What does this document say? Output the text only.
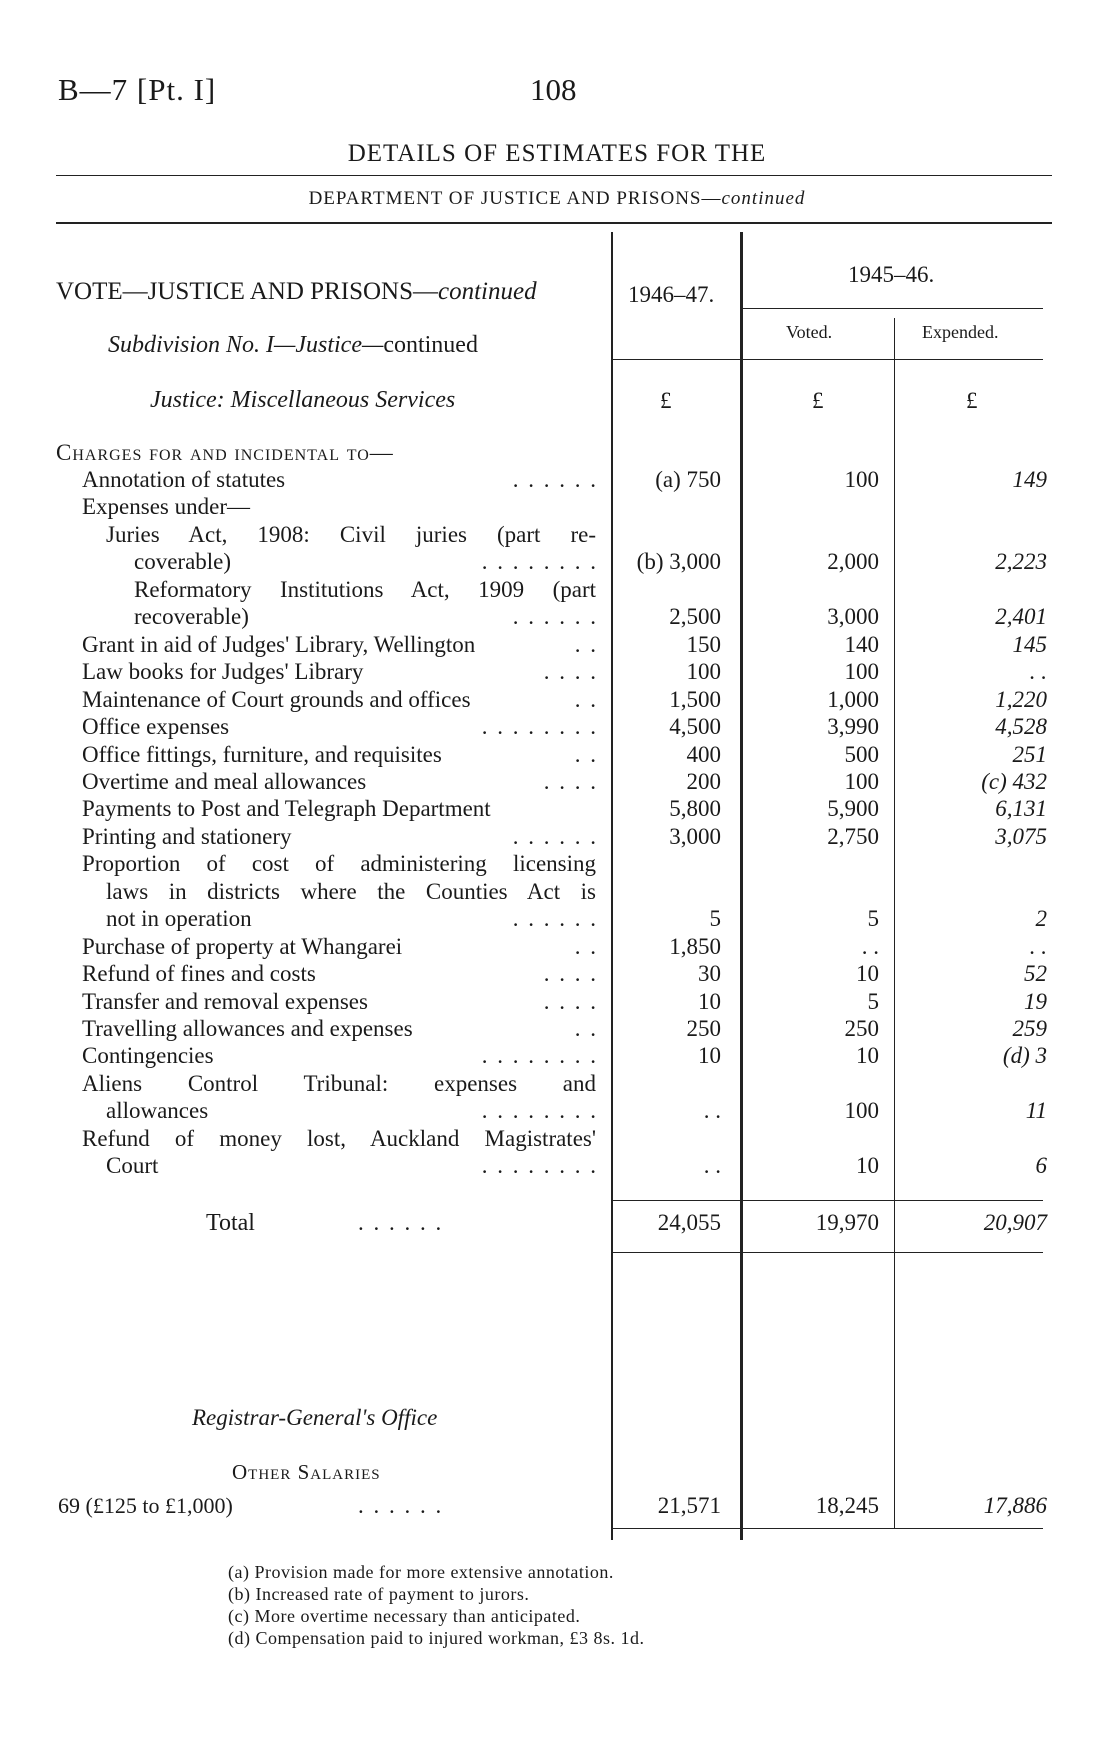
B—7 [Pt. I]	108
DETAILS OF ESTIMATES FOR THE
DEPARTMENT OF JUSTICE AND PRISONS—continued
VOTE—JUSTICE AND PRISONS—continued
Subdivision No. I—Justice—continued
Justice: Miscellaneous Services
1946–47.
1945–46.
Voted.	Expended.
£	£	£
Charges for and incidental to—
Annotation of statutes	. . . . . . (a) 750	100	149
Expenses under—
Juries Act, 1908: Civil juries (part re-
coverable)	. . . . . . . . (b) 3,000	2,000	2,223
Reformatory Institutions Act, 1909 (part
recoverable)	. . . . . .	2,500	3,000	2,401
Grant in aid of Judges' Library, Wellington	. .	150	140	145
Law books for Judges' Library	. . . .	100	100	. .
Maintenance of Court grounds and offices	. .	1,500	1,000	1,220
Office expenses	. . . . . . . .	4,500	3,990	4,528
Office fittings, furniture, and requisites	. .	400	500	251
Overtime and meal allowances	. . . .	200	100	(c) 432
Payments to Post and Telegraph Department	5,800	5,900	6,131
Printing and stationery	. . . . . .	3,000	2,750	3,075
Proportion of cost of administering licensing
laws in districts where the Counties Act is
not in operation	. . . . . .	5	5	2
Purchase of property at Whangarei	. .	1,850	. .	. .
Refund of fines and costs	. . . .	30	10	52
Transfer and removal expenses	. . . .	10	5	19
Travelling allowances and expenses	. .	250	250	259
Contingencies	. . . . . . . .	10	10	(d) 3
Aliens Control Tribunal: expenses and
allowances	. . . . . . . .	. .	100	11
Refund of money lost, Auckland Magistrates'
Court	. . . . . . . .	. .	10	6
Total	. . . . . .	24,055	19,970	20,907
Registrar-General's Office
Other Salaries
69 (£125 to £1,000)	. . . . . .	21,571	18,245	17,886
(a) Provision made for more extensive annotation.
(b) Increased rate of payment to jurors.
(c) More overtime necessary than anticipated.
(d) Compensation paid to injured workman, £3 8s. 1d.
